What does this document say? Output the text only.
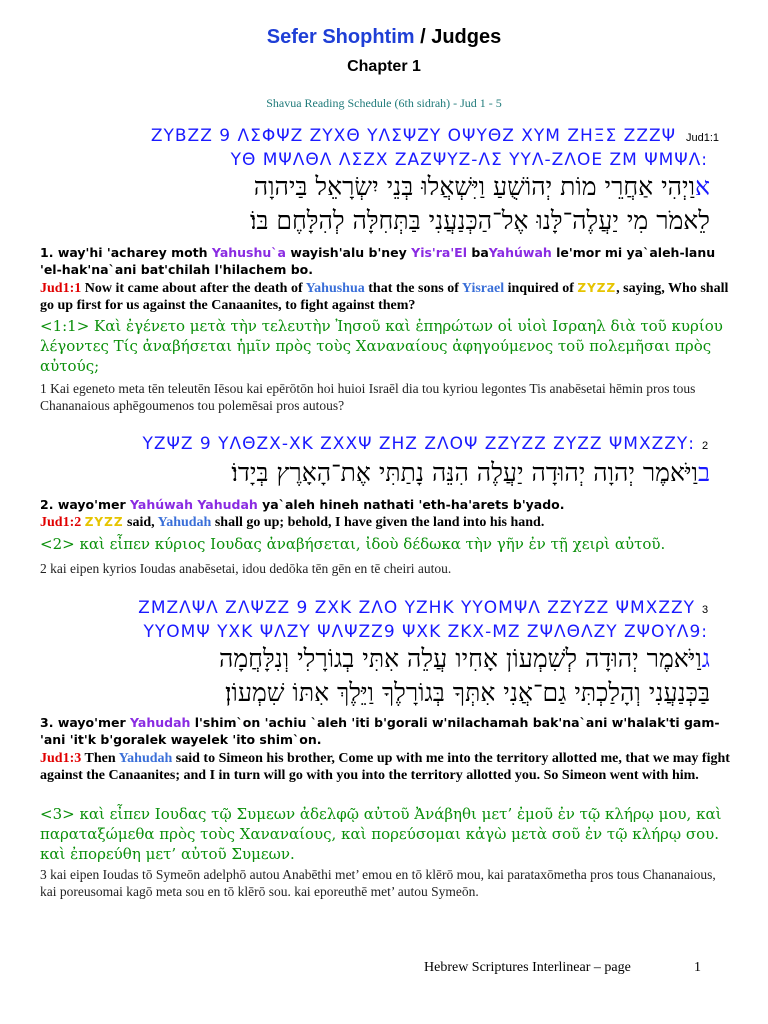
Sefer Shophtim / Judges
Chapter 1
Shavua Reading Schedule (6th sidrah) - Jud 1 - 5
ΖΥΒΖΖ 9 ΛΣΦΨΖ ΖΥΧΘ ΥΛΣΨΖΥ ΟΨΥΘΖ ΧΥΜ ΖΗΞΣ ΖΖΖΨ Jud1:1
:ΥΘ ΜΨΛΘΛ ΛΣΖΧ ΖΑΖΨΥΖ-ΛΣ ΥΥΛ-ΖΛΟΕ ΖΜ ΨΜΨΛ
אוַיְהִי אַחֲרֵי מוֹת יְהוֹשֻׁעַ וַיִּשְׁאֲלוּ בְּנֵי יִשְׂרָאֵל בַּיהוָה
לֵאמֹר מִי יַעֲלֶה־לָּנוּ אֶל־הַכְּנַעֲנִי בַּתְּחִלָּה לְהִלָּחֶם בּוֹ׃
1. way'hi 'acharey moth Yahushu`a wayish'alu b'ney Yis'ra'El baYahúwah le'mor mi ya`aleh-lanu 'el-hak'na`ani bat'chilah l'hilachem bo.
Jud1:1 Now it came about after the death of Yahushua that the sons of Yisrael inquired of ΖΥΖΖ, saying, Who shall go up first for us against the Canaanites, to fight against them?
<1:1> Καὶ ἐγένετο μετὰ τὴν τελευτὴν Ἰησοῦ καὶ ἐπηρώτων οἱ υἱοὶ Ισραηλ διὰ τοῦ κυρίου λέγοντες Τίς ἀναβήσεται ἡμῖν πρὸς τοὺς Χαναναίους ἀφηγούμενος τοῦ πολεμῆσαι πρὸς αὐτούς;
1 Kai egeneto meta tēn teleutēn Iēsou kai epērōtōn hoi huioi Israēl dia tou kyriou legontes Tis anabēsetai hēmin pros tous Chananaious aphēgoumenos tou polemēsai pros autous?
:ΥΖΨΖ 9 ΥΛΘΖΧ-ΧΚ ΖΧΧΨ ΖΗΖ ΖΛΟΨ ΖΖΥΖΖ ΖΥΖΖ ΨΜΧΖΖΥ 2
בוַיֹּאמֶר יְהוָה יְהוּדָה יַעֲלֶה הִנֵּה נָתַתִּי אֶת־הָאָרֶץ בְּיָדוֹ׃
2. wayo'mer Yahúwah Yahudah ya`aleh hineh nathati 'eth-ha'arets b'yado.
Jud1:2 ΖΥΖΖ said, Yahudah shall go up; behold, I have given the land into his hand.
<2> καὶ εἶπεν κύριος Ιουδας ἀναβήσεται, ἰδοὺ δέδωκα τὴν γῆν ἐν τῇ χειρὶ αὐτοῦ.
2 kai eipen kyrios Ioudas anabēsetai, idou dedōka tēn gēn en tē cheiri autou.
ΖΜΖΛΨΛ ΖΛΨΖΖ 9 ΖΧΚ ΖΛΟ ΥΖΗΚ ΥΥΟΜΨΛ ΖΖΥΖΖ ΨΜΧΖΖΥ 3
:ΥΥΟΜΨ ΥΧΚ ΨΛΖΥ ΨΛΨΖΖ9 ΨΧΚ ΖΚΧ-ΜΖ ΖΨΛΘΛΖΥ ΖΨΟΥΛ9
גוַיֹּאמֶר יְהוּדָה לְשִׁמְעוֹן אָחִיו עֲלֵה אִתִּי בְגוֹרָלִי וְנִלָּחֲמָה
בַּכְּנַעֲנִי וְהָלַכְתִּי גַם־אֲנִי אִתְּךָ בְּגוֹרָלֶךָ וַיֵּלֶךְ אִתּוֹ שִׁמְעוֹן׃
3. wayo'mer Yahudah l'shim`on 'achiu `aleh 'iti b'gorali w'nilachamah bak'na`ani w'halak'ti gam-'ani 'it'k b'goralek wayelek 'ito shim`on.
Jud1:3 Then Yahudah said to Simeon his brother, Come up with me into the territory allotted me, that we may fight against the Canaanites; and I in turn will go with you into the territory allotted you. So Simeon went with him.
<3> καὶ εἶπεν Ιουδας τῷ Συμεων ἀδελφῷ αὐτοῦ Ἀνάβηθι μετ’ ἐμοῦ ἐν τῷ κλήρῳ μου, καὶ παραταξώμεθα πρὸς τοὺς Χαναναίους, καὶ πορεύσομαι κἀγὼ μετὰ σοῦ ἐν τῷ κλήρῳ σου. καὶ ἐπορεύθη μετ’ αὐτοῦ Συμεων.
3 kai eipen Ioudas tō Symeōn adelphō autou Anabēthi met’ emou en tō klērō mou, kai parataxōmetha pros tous Chananaious, kai poreusomai kagō meta sou en tō klērō sou. kai eporeuthē met’ autou Symeōn.
Hebrew Scriptures Interlinear – page	1
